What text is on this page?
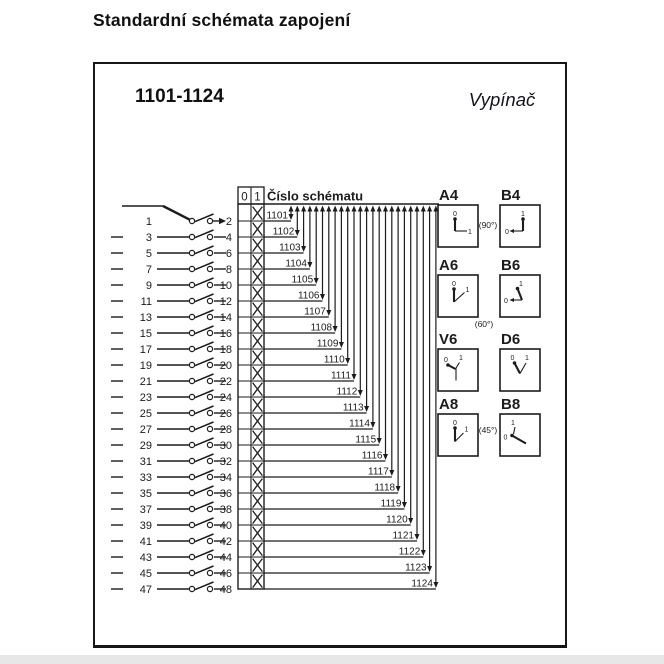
Standardní schémata zapojení
1101-1124	Vypínač
1	2	1101
3	4	1102
5	6	1103
7	8	1104
9	10	1105
11	12	1106
13	14	1107
15	16	1108
17	18	1109
19	20	1110
21	22	1111
23	24	1112
25	26	1113
27	28	1114
29	30	1115
31	32	1116
33	34	1117
35	36	1118
37	38	1119
39	40	1120
41	42	1121
43	44	1122
45	46	1123
47	48	1124
0 1 Číslo schématu	A4
0
1
B4
0
1
A6
0
1
B6
0
1
V6
0 1
D6
0 1
A8
0
1
B8
0
1
(90°)
(60°)
(45°)
